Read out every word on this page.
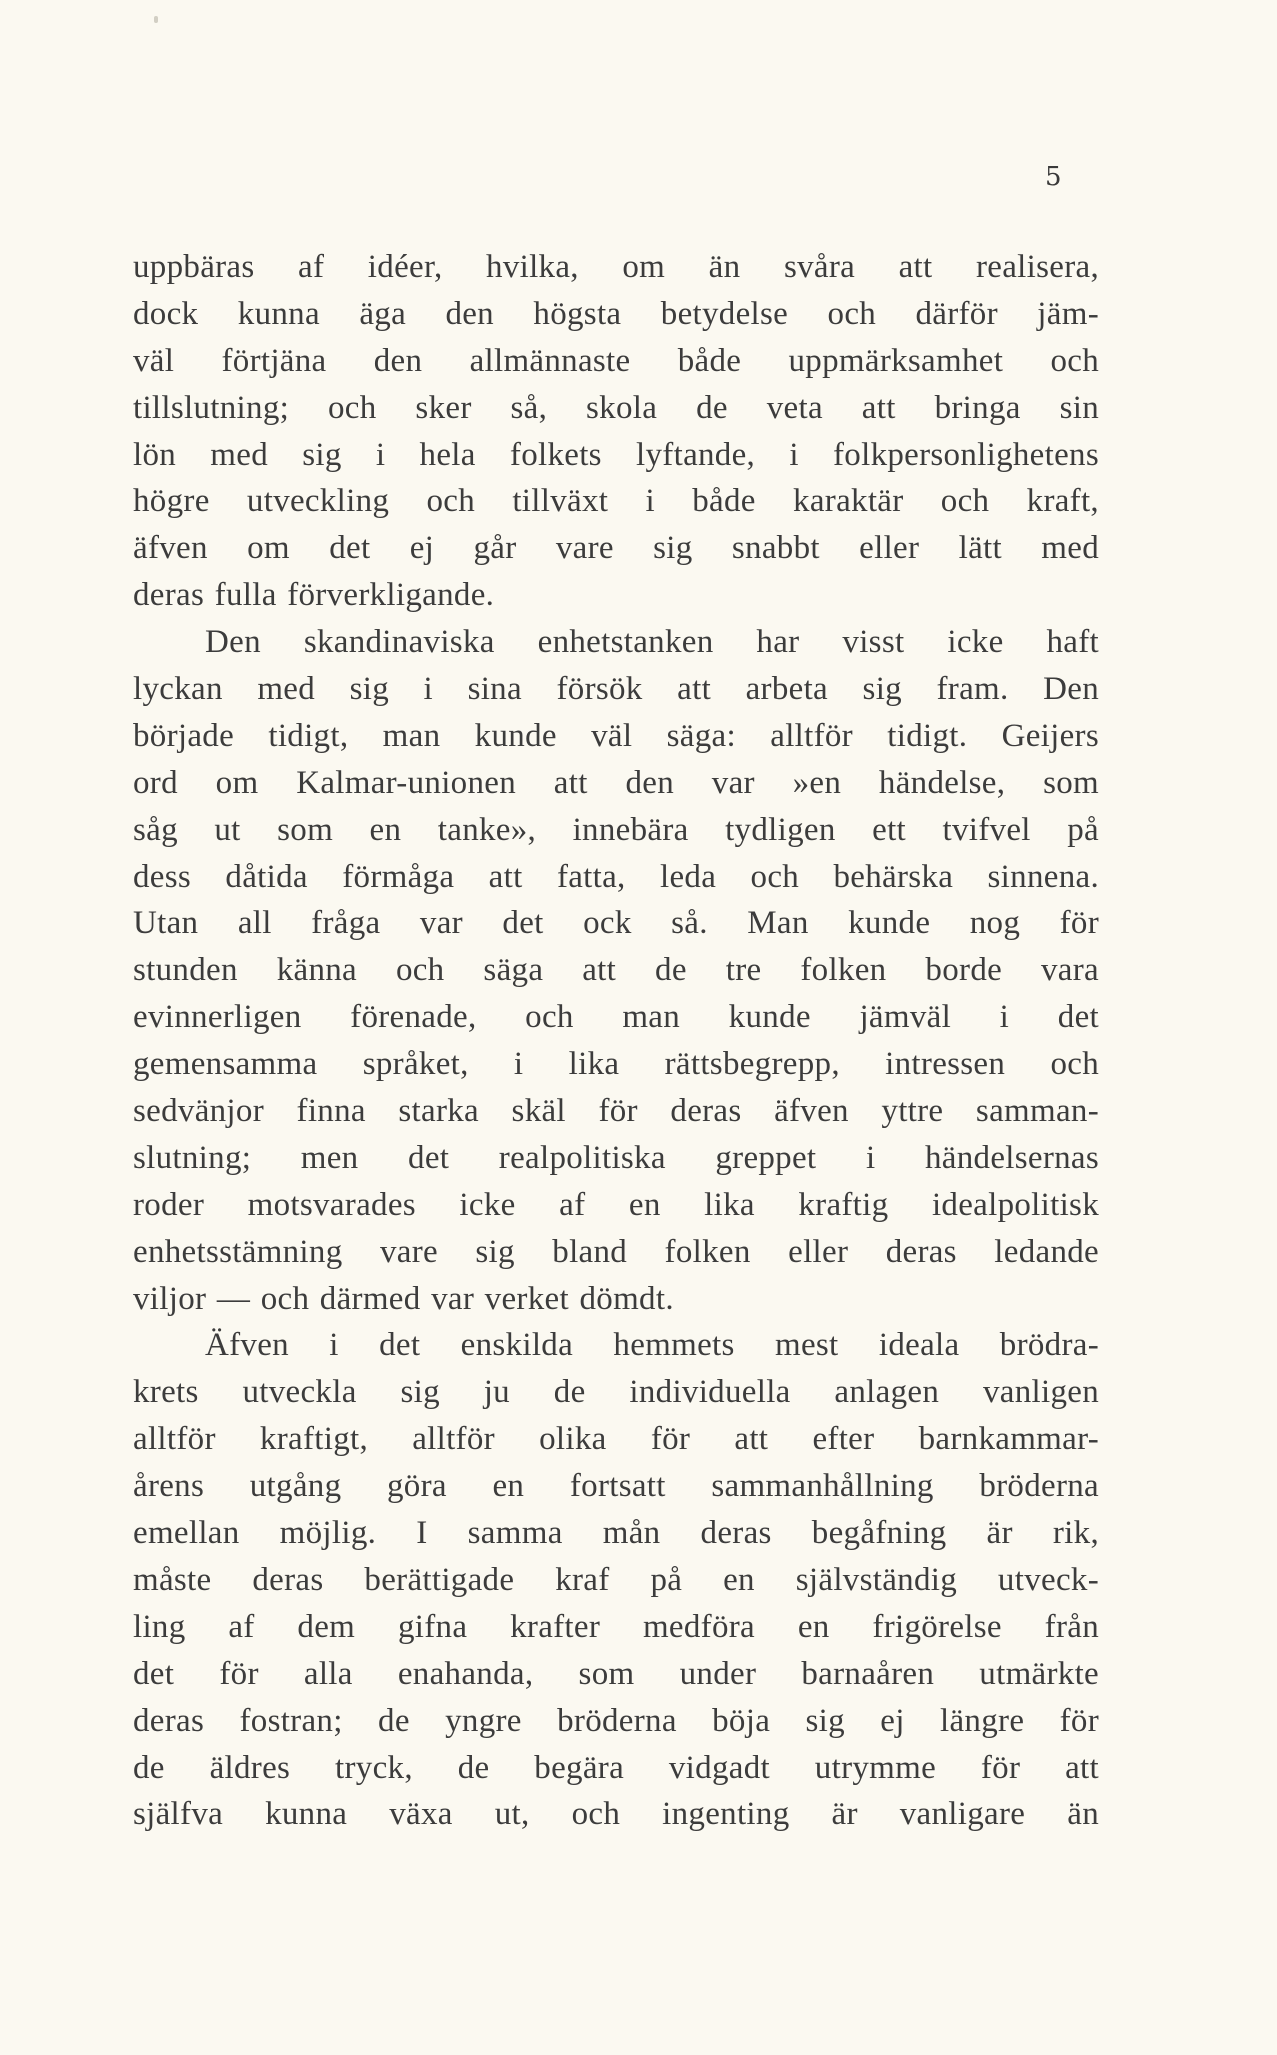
5
uppbäras af idéer, hvilka, om än svåra att realisera,
dock kunna äga den högsta betydelse och därför jäm-
väl förtjäna den allmännaste både uppmärksamhet och
tillslutning; och sker så, skola de veta att bringa sin
lön med sig i hela folkets lyftande, i folkpersonlighetens
högre utveckling och tillväxt i både karaktär och kraft,
äfven om det ej går vare sig snabbt eller lätt med
deras fulla förverkligande.
Den skandinaviska enhetstanken har visst icke haft
lyckan med sig i sina försök att arbeta sig fram. Den
började tidigt, man kunde väl säga: alltför tidigt. Geijers
ord om Kalmar-unionen att den var »en händelse, som
såg ut som en tanke», innebära tydligen ett tvifvel på
dess dåtida förmåga att fatta, leda och behärska sinnena.
Utan all fråga var det ock så. Man kunde nog för
stunden känna och säga att de tre folken borde vara
evinnerligen förenade, och man kunde jämväl i det
gemensamma språket, i lika rättsbegrepp, intressen och
sedvänjor finna starka skäl för deras äfven yttre samman-
slutning; men det realpolitiska greppet i händelsernas
roder motsvarades icke af en lika kraftig idealpolitisk
enhetsstämning vare sig bland folken eller deras ledande
viljor — och därmed var verket dömdt.
Äfven i det enskilda hemmets mest ideala brödra-
krets utveckla sig ju de individuella anlagen vanligen
alltför kraftigt, alltför olika för att efter barnkammar-
årens utgång göra en fortsatt sammanhållning bröderna
emellan möjlig. I samma mån deras begåfning är rik,
måste deras berättigade kraf på en självständig utveck-
ling af dem gifna krafter medföra en frigörelse från
det för alla enahanda, som under barnaåren utmärkte
deras fostran; de yngre bröderna böja sig ej längre för
de äldres tryck, de begära vidgadt utrymme för att
själfva kunna växa ut, och ingenting är vanligare än
